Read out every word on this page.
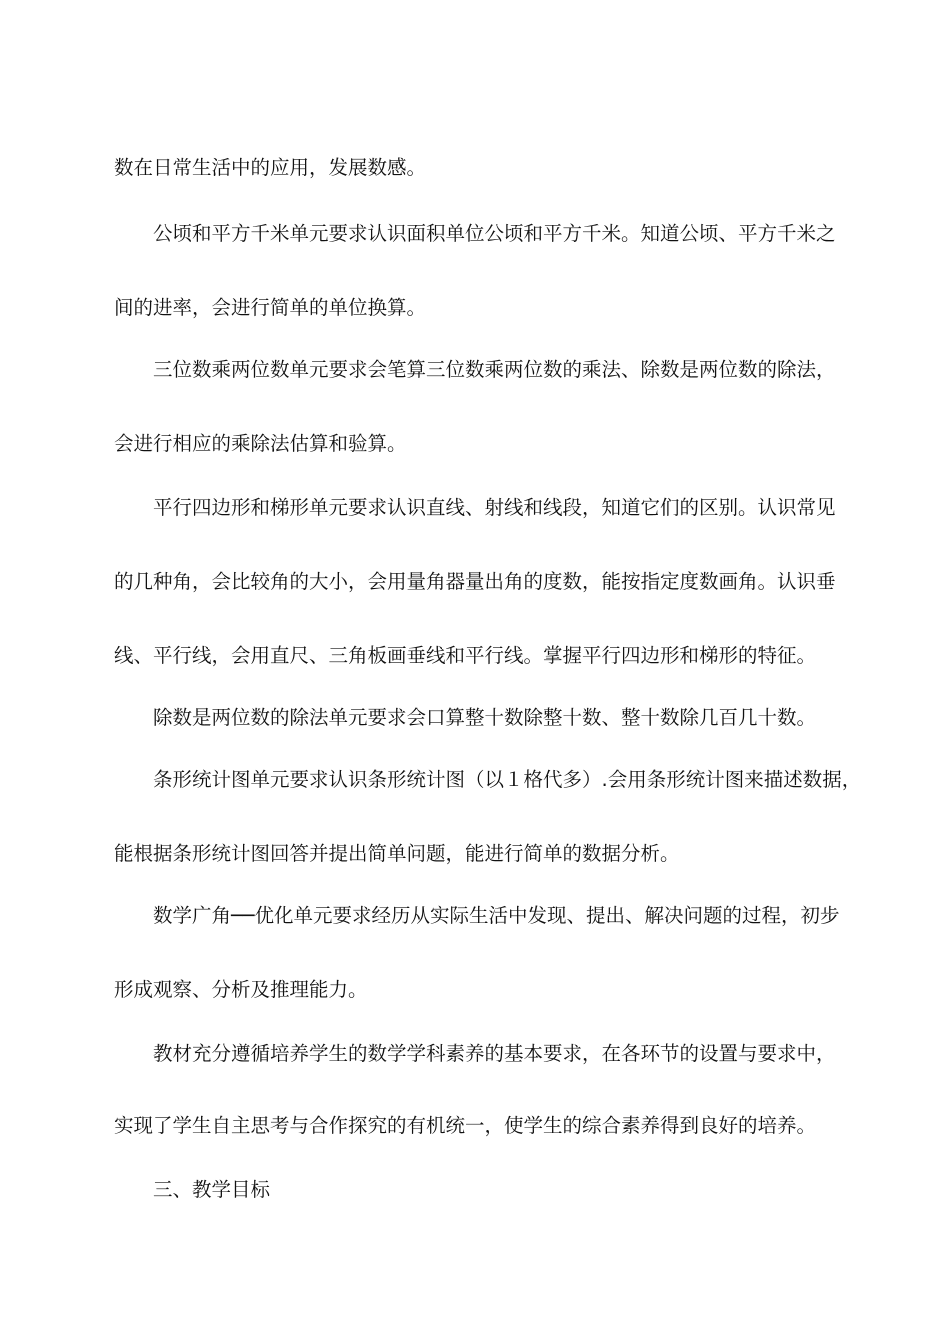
数在日常生活中的应用，发展数感。

公顷和平方千米单元要求认识面积单位公顷和平方千米。知道公顷、平方千米之

间的进率，会进行简单的单位换算。

三位数乘两位数单元要求会笔算三位数乘两位数的乘法、除数是两位数的除法，

会进行相应的乘除法估算和验算。

平行四边形和梯形单元要求认识直线、射线和线段，知道它们的区别。认识常见

的几种角，会比较角的大小，会用量角器量出角的度数，能按指定度数画角。认识垂

线、平行线，会用直尺、三角板画垂线和平行线。掌握平行四边形和梯形的特征。

除数是两位数的除法单元要求会口算整十数除整十数、整十数除几百几十数。

条形统计图单元要求认识条形统计图（以１格代多）.会用条形统计图来描述数据，

能根据条形统计图回答并提出简单问题，能进行简单的数据分析。

数学广角──优化单元要求经历从实际生活中发现、提出、解决问题的过程，初步

形成观察、分析及推理能力。

教材充分遵循培养学生的数学学科素养的基本要求，在各环节的设置与要求中，

实现了学生自主思考与合作探究的有机统一，使学生的综合素养得到良好的培养。

三、教学目标
